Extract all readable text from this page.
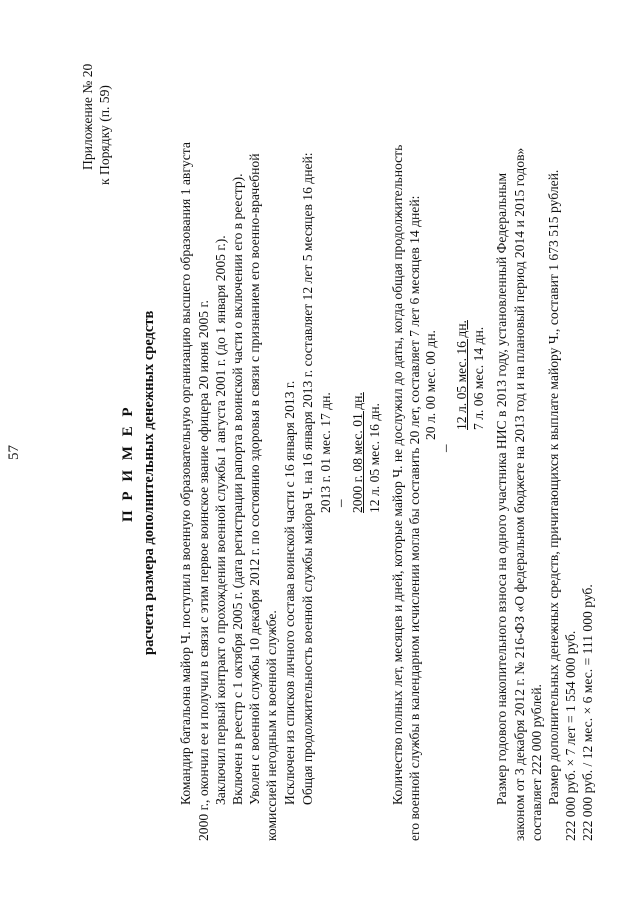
57
Приложение № 20 к Порядку (п. 59)
П Р И М Е Р расчета размера дополнительных денежных средств Командир батальона майор Ч. поступил в военную образовательную организацию высшего образования 1 августа 2000 г., окончил ее и получил в связи с этим первое воинское звание офицера 20 июня 2005 г. Заключил первый контракт о прохождении военной службы 1 августа 2001 г. (до 1 января 2005 г.). Включен в реестр с 1 октября 2005 г. (дата регистрации рапорта в воинской части о включении его в реестр). Уволен с военной службы 10 декабря 2012 г. по состоянию здоровья в связи с признанием его военно-врачебной комиссией негодным к военной службе. Исключен из списков личного состава воинской части с 16 января 2013 г. Общая продолжительность военной службы майора Ч. на 16 января 2013 г. составляет 12 лет 5 месяцев 16 дней: 2013 г. 01 мес. 17 дн. – 2000 г. 08 мес. 01 дн. 12 л. 05 мес. 16 дн. Количество полных лет, месяцев и дней, которые майор Ч. не дослужил до даты, когда общая продолжительность его военной службы в календарном исчислении могла бы составить 20 лет, составляет 7 лет 6 месяцев 14 дней: 20 л. 00 мес. 00 дн.
–
12 л. 05 мес. 16 дн. 7 л. 06 мес. 14 дн. Размер годового накопительного взноса на одного участника НИС в 2013 году, установленный Федеральным законом от 3 декабря 2012 г. № 216-ФЗ «О федеральном бюджете на 2013 год и на плановый период 2014 и 2015 годов» составляет 222 000 рублей. Размер дополнительных денежных средств, причитающихся к выплате майору Ч., составит 1 673 515 рублей. 222 000 руб. × 7 лет = 1 554 000 руб. 222 000 руб. / 12 мес. × 6 мес. = 111 000 руб.
